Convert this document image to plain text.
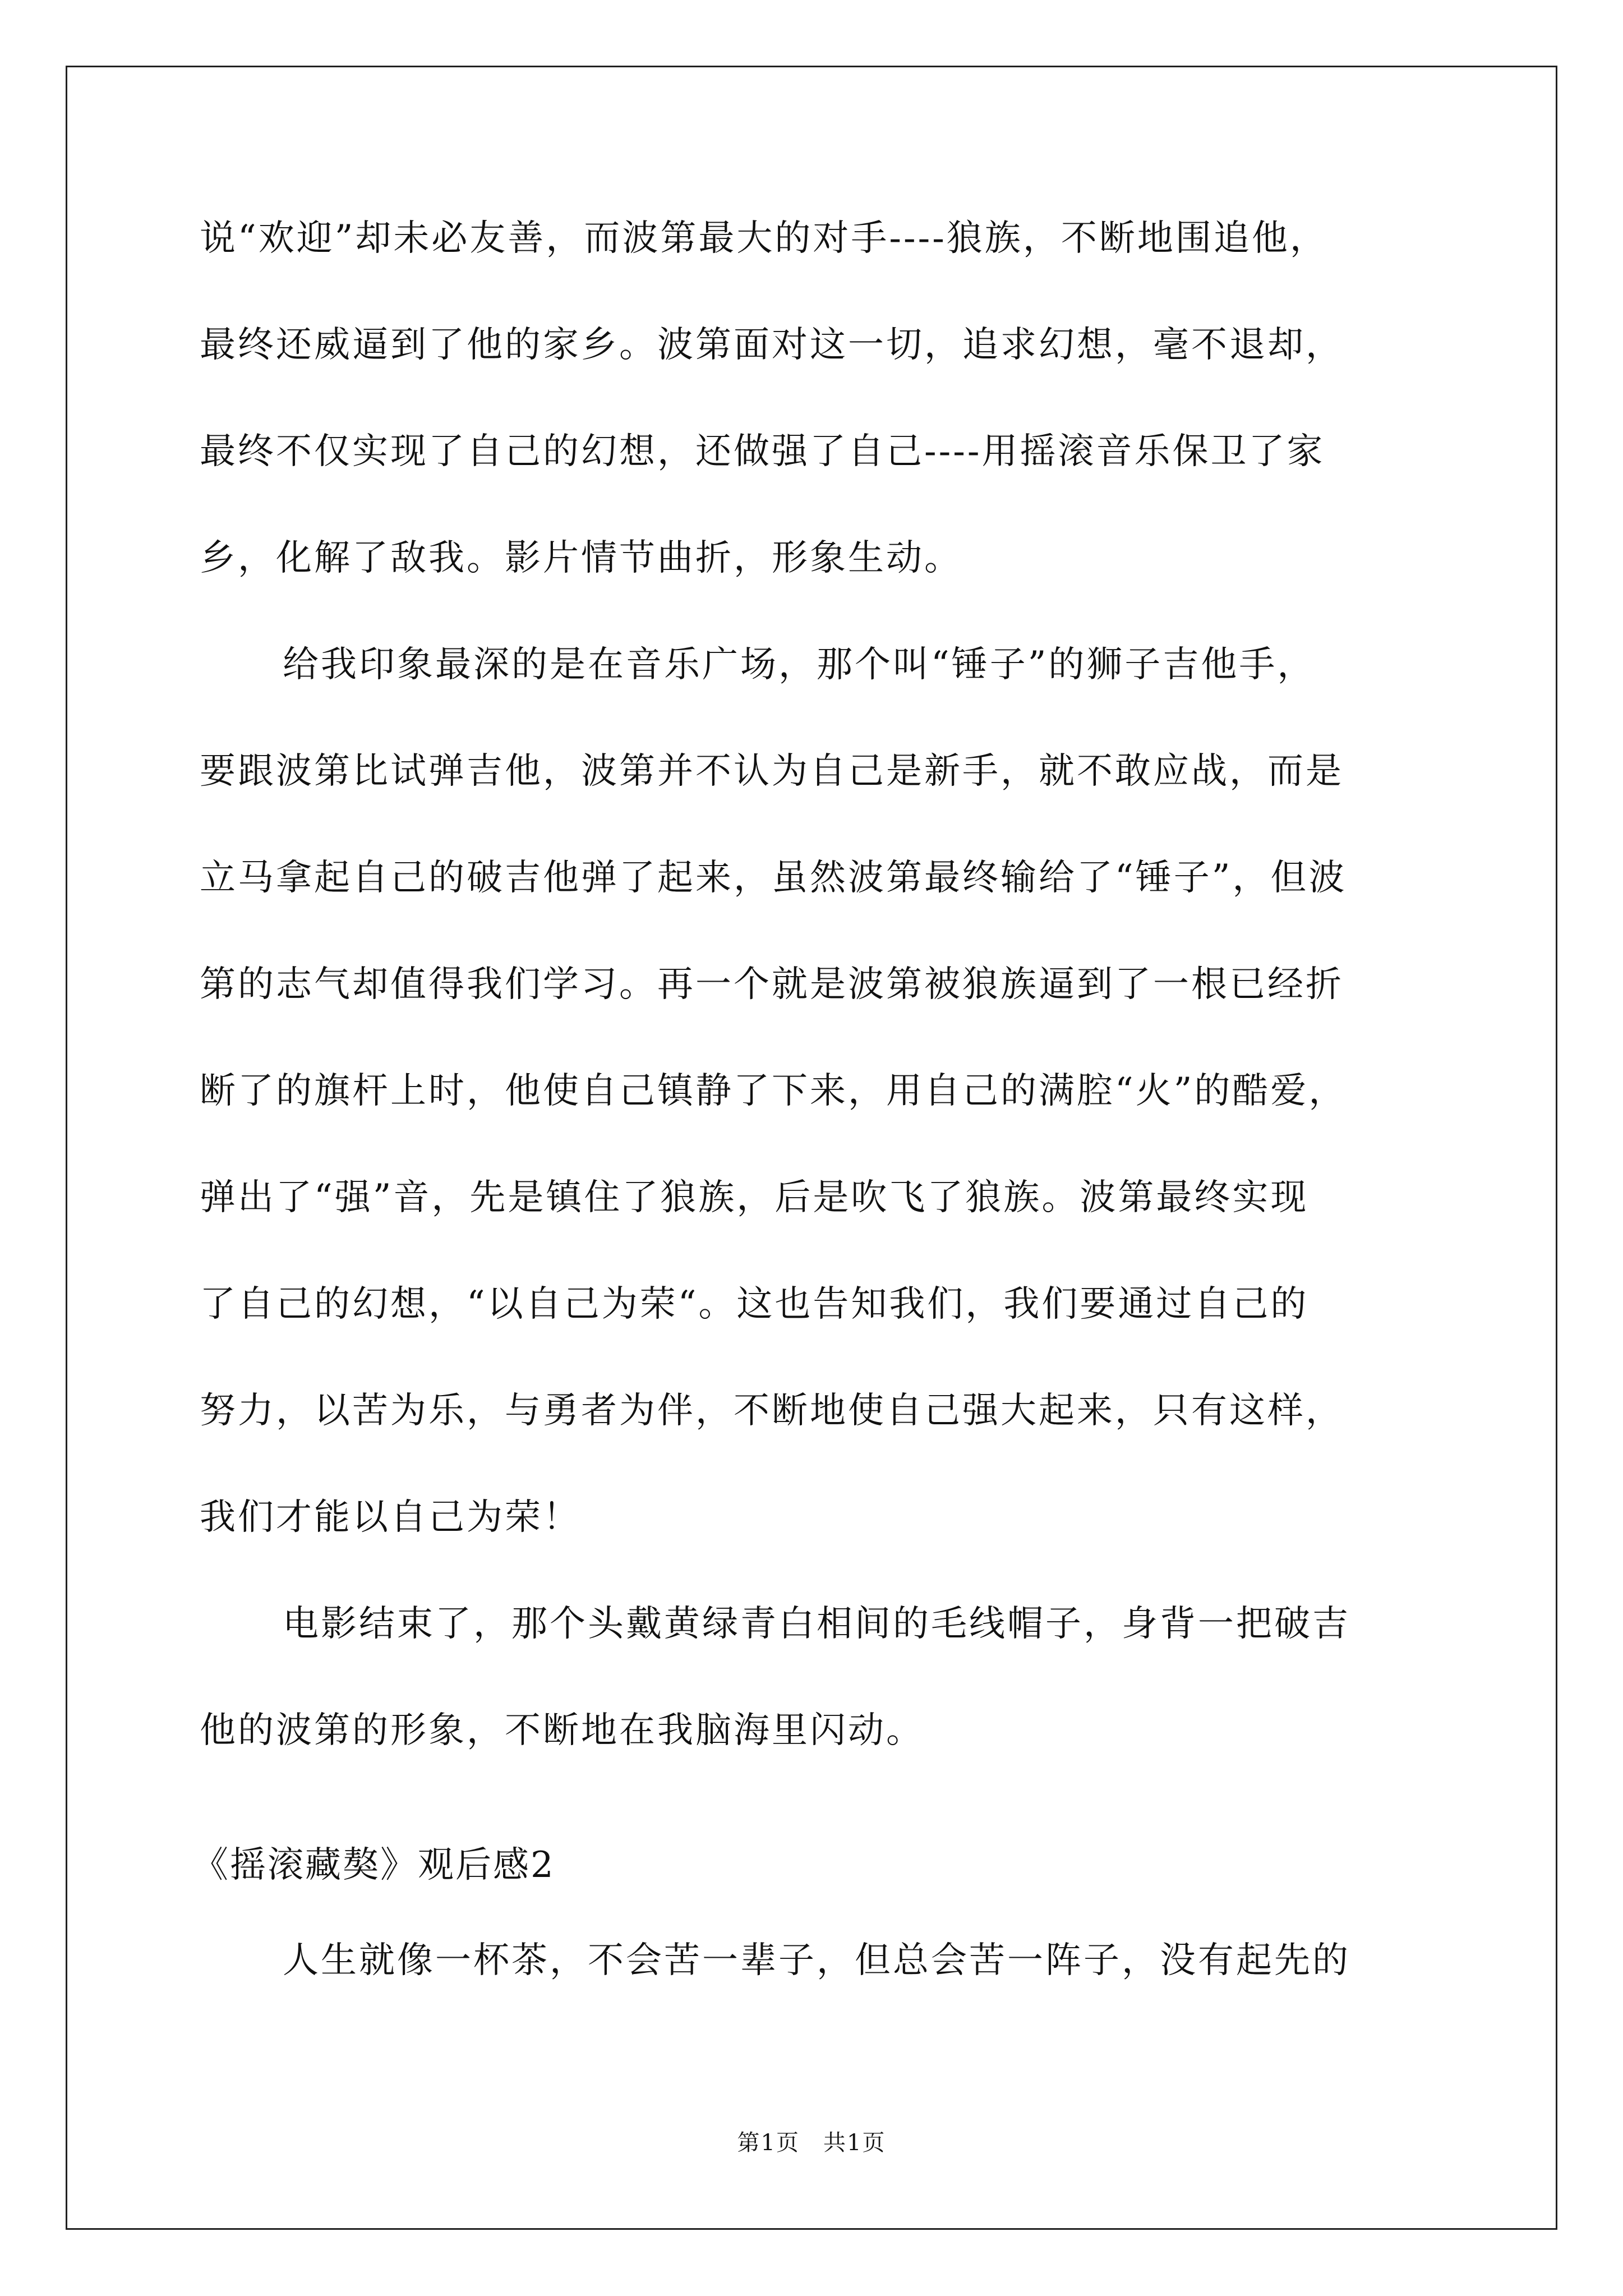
说“欢迎”却未必友善，而波第最大的对手----狼族，不断地围追他，
最终还威逼到了他的家乡。波第面对这一切，追求幻想，毫不退却，
最终不仅实现了自己的幻想，还做强了自己----用摇滚音乐保卫了家
乡，化解了敌我。影片情节曲折，形象生动。

给我印象最深的是在音乐广场，那个叫“锤子”的狮子吉他手，
要跟波第比试弹吉他，波第并不认为自己是新手，就不敢应战，而是
立马拿起自己的破吉他弹了起来，虽然波第最终输给了“锤子”，但波
第的志气却值得我们学习。再一个就是波第被狼族逼到了一根已经折
断了的旗杆上时，他使自己镇静了下来，用自己的满腔“火”的酷爱，
弹出了“强”音，先是镇住了狼族，后是吹飞了狼族。波第最终实现
了自己的幻想，“以自己为荣“。这也告知我们，我们要通过自己的
努力，以苦为乐，与勇者为伴，不断地使自己强大起来，只有这样，
我们才能以自己为荣！

电影结束了，那个头戴黄绿青白相间的毛线帽子，身背一把破吉
他的波第的形象，不断地在我脑海里闪动。

《摇滚藏獒》观后感2
人生就像一杯茶，不会苦一辈子，但总会苦一阵子，没有起先的
第1页　共1页
